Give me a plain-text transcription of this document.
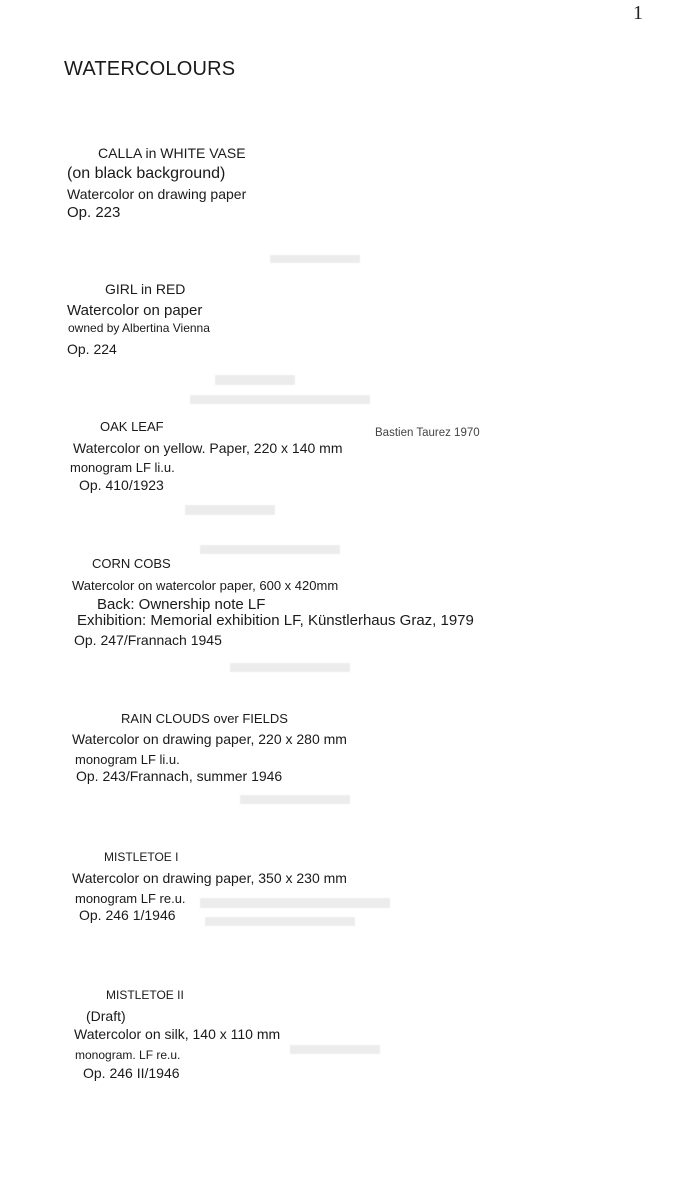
1
WATERCOLOURS
CALLA in WHITE VASE
(on black background)
Watercolor on drawing paper
Op. 223
GIRL in RED
Watercolor on paper
owned by Albertina Vienna
Op. 224
OAK LEAF	Bastien Taurez 1970
Watercolor on yellow. Paper, 220 x 140 mm
monogram LF li.u.
Op. 410/1923
CORN COBS
Watercolor on watercolor paper, 600 x 420mm
Back: Ownership note LF
Exhibition: Memorial exhibition LF, Künstlerhaus Graz, 1979
Op. 247/Frannach 1945
RAIN CLOUDS over FIELDS
Watercolor on drawing paper, 220 x 280 mm
monogram LF li.u.
Op. 243/Frannach, summer 1946
MISTLETOE I
Watercolor on drawing paper, 350 x 230 mm
monogram LF re.u.
Op. 246 1/1946
MISTLETOE II
(Draft)
Watercolor on silk, 140 x 110 mm
monogram. LF re.u.
Op. 246 II/1946
